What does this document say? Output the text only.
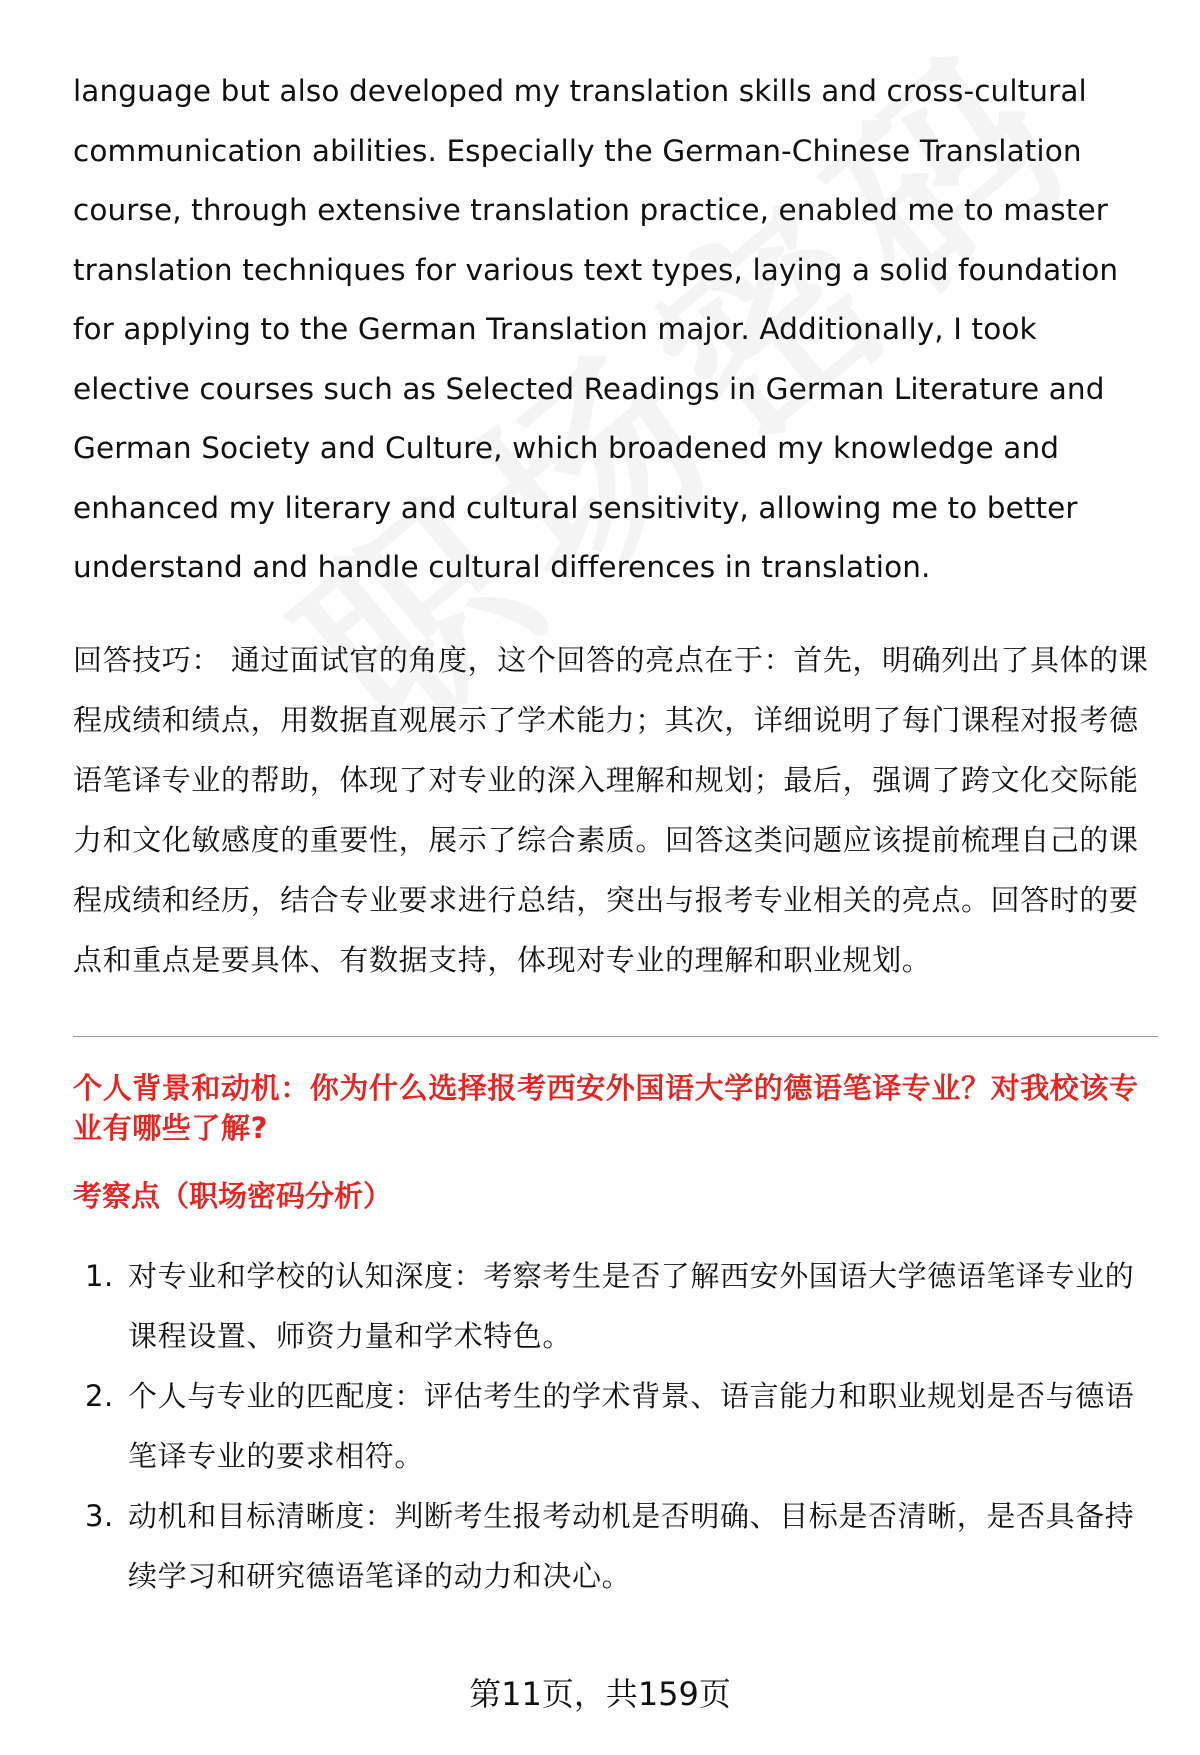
language but also developed my translation skills and cross-cultural communication abilities. Especially the German-Chinese Translation course, through extensive translation practice, enabled me to master translation techniques for various text types, laying a solid foundation for applying to the German Translation major. Additionally, I took elective courses such as Selected Readings in German Literature and German Society and Culture, which broadened my knowledge and enhanced my literary and cultural sensitivity, allowing me to better understand and handle cultural differences in translation.

回答技巧： 通过面试官的角度，这个回答的亮点在于：首先，明确列出了具体的课程成绩和绩点，用数据直观展示了学术能力；其次，详细说明了每门课程对报考德语笔译专业的帮助，体现了对专业的深入理解和规划；最后，强调了跨文化交际能力和文化敏感度的重要性，展示了综合素质。回答这类问题应该提前梳理自己的课程成绩和经历，结合专业要求进行总结，突出与报考专业相关的亮点。回答时的要点和重点是要具体、有数据支持，体现对专业的理解和职业规划。

个人背景和动机：你为什么选择报考西安外国语大学的德语笔译专业？对我校该专业有哪些了解?
考察点（职场密码分析）
1. 对专业和学校的认知深度：考察考生是否了解西安外国语大学德语笔译专业的课程设置、师资力量和学术特色。
2. 个人与专业的匹配度：评估考生的学术背景、语言能力和职业规划是否与德语笔译专业的要求相符。
3. 动机和目标清晰度：判断考生报考动机是否明确、目标是否清晰，是否具备持续学习和研究德语笔译的动力和决心。
第11页，共159页
